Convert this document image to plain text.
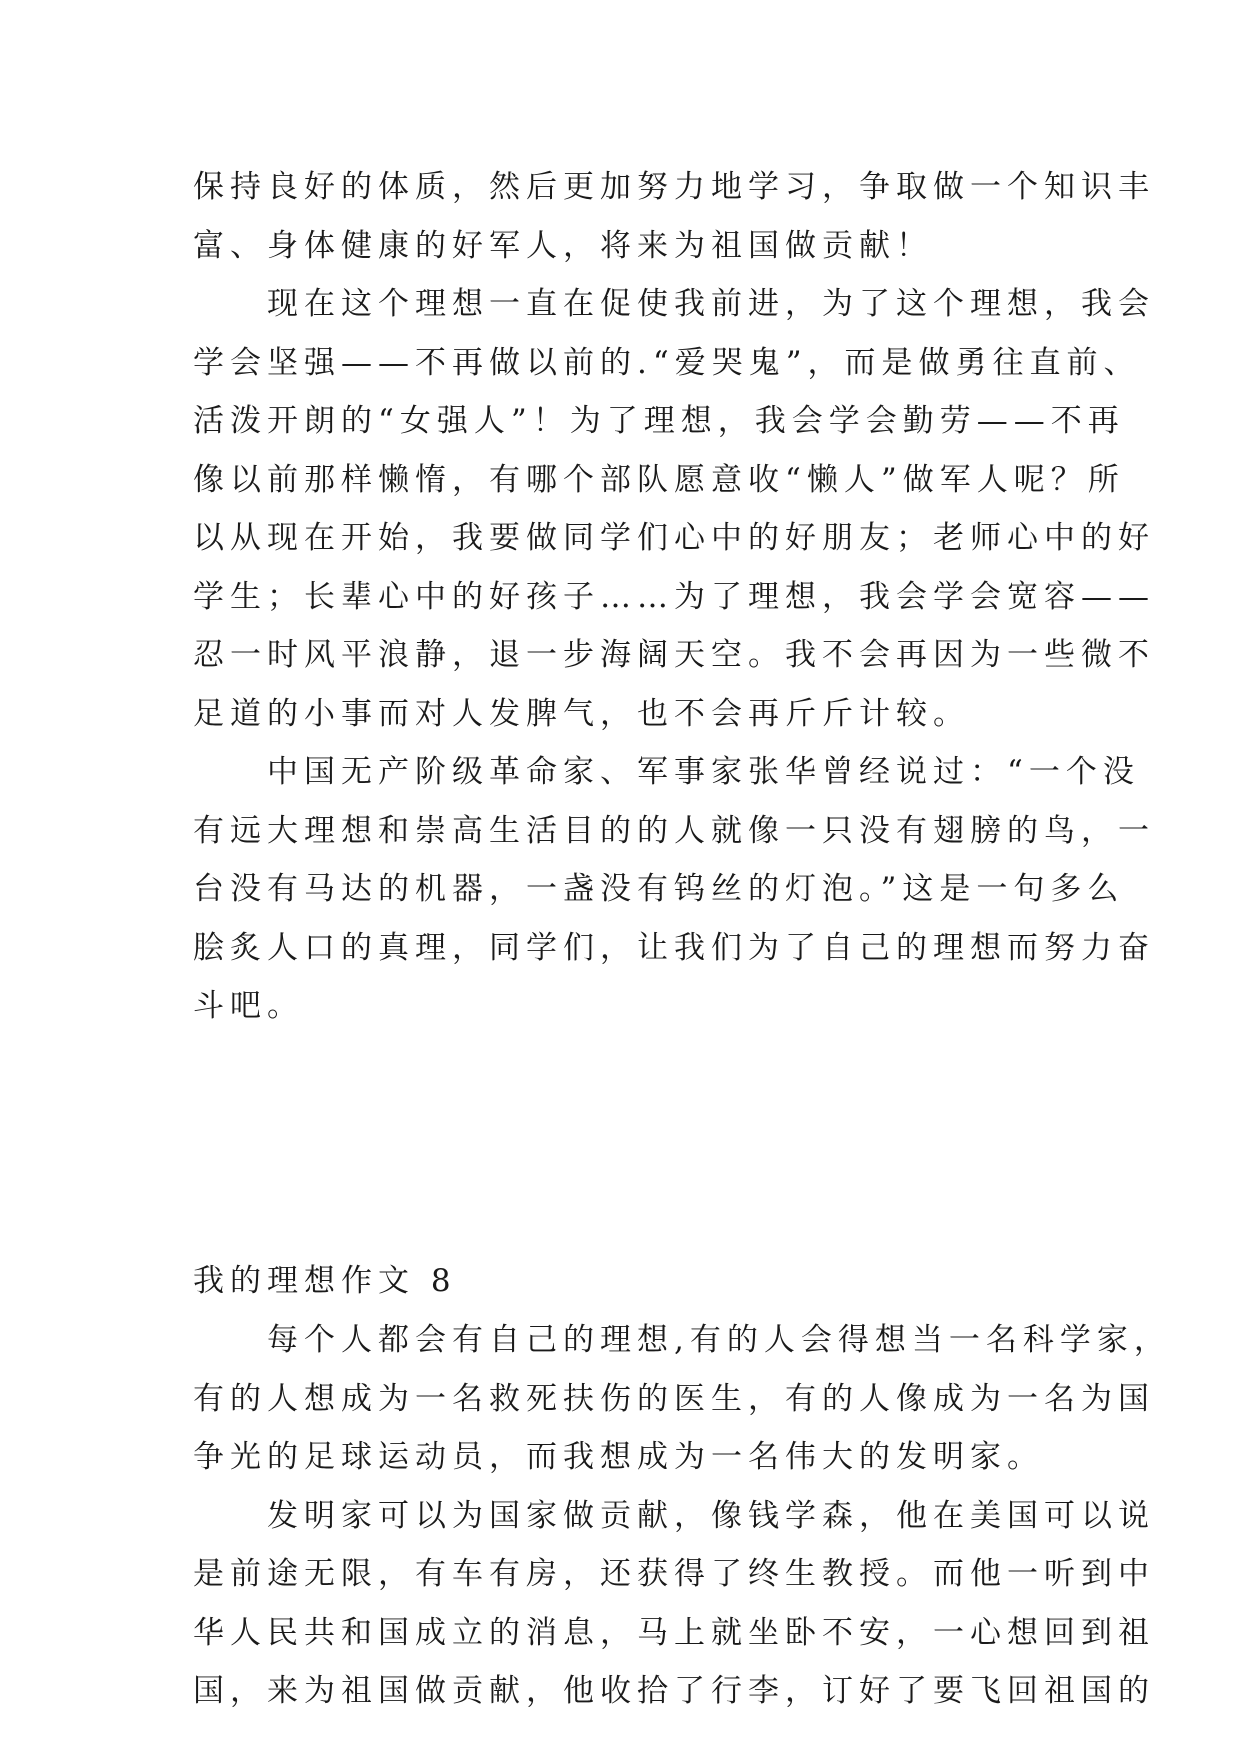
保持良好的体质，然后更加努力地学习，争取做一个知识丰
富、身体健康的好军人，将来为祖国做贡献！
　　现在这个理想一直在促使我前进，为了这个理想，我会
学会坚强——不再做以前的.“爱哭鬼”，而是做勇往直前、
活泼开朗的“女强人”！为了理想，我会学会勤劳——不再
像以前那样懒惰，有哪个部队愿意收“懒人”做军人呢？所
以从现在开始，我要做同学们心中的好朋友；老师心中的好
学生；长辈心中的好孩子……为了理想，我会学会宽容——
忍一时风平浪静，退一步海阔天空。我不会再因为一些微不
足道的小事而对人发脾气，也不会再斤斤计较。
　　中国无产阶级革命家、军事家张华曾经说过：“一个没
有远大理想和崇高生活目的的人就像一只没有翅膀的鸟，一
台没有马达的机器，一盏没有钨丝的灯泡。”这是一句多么
脍炙人口的真理，同学们，让我们为了自己的理想而努力奋
斗吧。
我的理想作文 8
　　每个人都会有自己的理想,有的人会得想当一名科学家，
有的人想成为一名救死扶伤的医生，有的人像成为一名为国
争光的足球运动员，而我想成为一名伟大的发明家。
　　发明家可以为国家做贡献，像钱学森，他在美国可以说
是前途无限，有车有房，还获得了终生教授。而他一听到中
华人民共和国成立的消息，马上就坐卧不安，一心想回到祖
国，来为祖国做贡献，他收拾了行李，订好了要飞回祖国的
